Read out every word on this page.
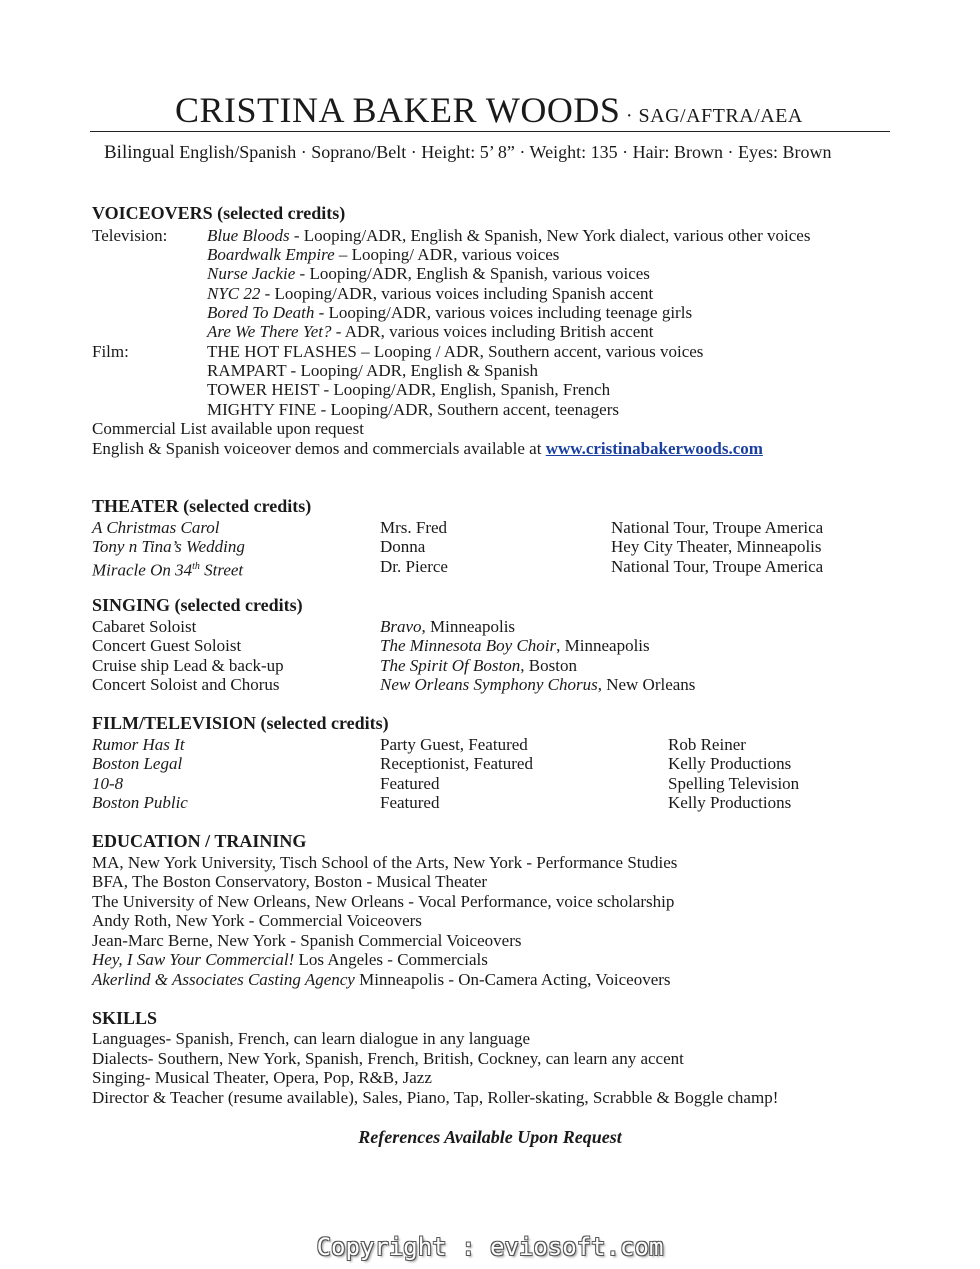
CRISTINA BAKER WOODS · SAG/AFTRA/AEA
Bilingual English/Spanish · Soprano/Belt · Height: 5’ 8” · Weight: 135 · Hair: Brown · Eyes: Brown
VOICEOVERS (selected credits)
Television: Blue Bloods - Looping/ADR, English & Spanish, New York dialect, various other voices
Boardwalk Empire – Looping/ ADR, various voices
Nurse Jackie - Looping/ADR, English & Spanish, various voices
NYC 22 - Looping/ADR, various voices including Spanish accent
Bored To Death - Looping/ADR, various voices including teenage girls
Are We There Yet? - ADR, various voices including British accent
Film:	THE HOT FLASHES – Looping / ADR, Southern accent, various voices
RAMPART - Looping/ ADR, English & Spanish
TOWER HEIST - Looping/ADR, English, Spanish, French
MIGHTY FINE - Looping/ADR, Southern accent, teenagers
Commercial List available upon request
English & Spanish voiceover demos and commercials available at www.cristinabakerwoods.com
THEATER (selected credits)
A Christmas Carol	Mrs. Fred	National Tour, Troupe America
Tony n Tina’s Wedding	Donna	Hey City Theater, Minneapolis
Miracle On 34th Street	Dr. Pierce	National Tour, Troupe America
SINGING (selected credits)
Cabaret Soloist	Bravo, Minneapolis
Concert Guest Soloist	The Minnesota Boy Choir, Minneapolis
Cruise ship Lead & back-up	The Spirit Of Boston, Boston
Concert Soloist and Chorus	New Orleans Symphony Chorus, New Orleans
FILM/TELEVISION (selected credits)
Rumor Has It	Party Guest, Featured	Rob Reiner
Boston Legal	Receptionist, Featured	Kelly Productions
10-8	Featured	Spelling Television
Boston Public	Featured	Kelly Productions
EDUCATION / TRAINING
MA, New York University, Tisch School of the Arts, New York - Performance Studies
BFA, The Boston Conservatory, Boston - Musical Theater
The University of New Orleans, New Orleans - Vocal Performance, voice scholarship
Andy Roth, New York - Commercial Voiceovers
Jean-Marc Berne, New York - Spanish Commercial Voiceovers
Hey, I Saw Your Commercial! Los Angeles - Commercials
Akerlind & Associates Casting Agency Minneapolis - On-Camera Acting, Voiceovers
SKILLS
Languages- Spanish, French, can learn dialogue in any language
Dialects- Southern, New York, Spanish, French, British, Cockney, can learn any accent
Singing- Musical Theater, Opera, Pop, R&B, Jazz
Director & Teacher (resume available), Sales, Piano, Tap, Roller-skating, Scrabble & Boggle champ!
References Available Upon Request
Copyright : eviosoft.com
